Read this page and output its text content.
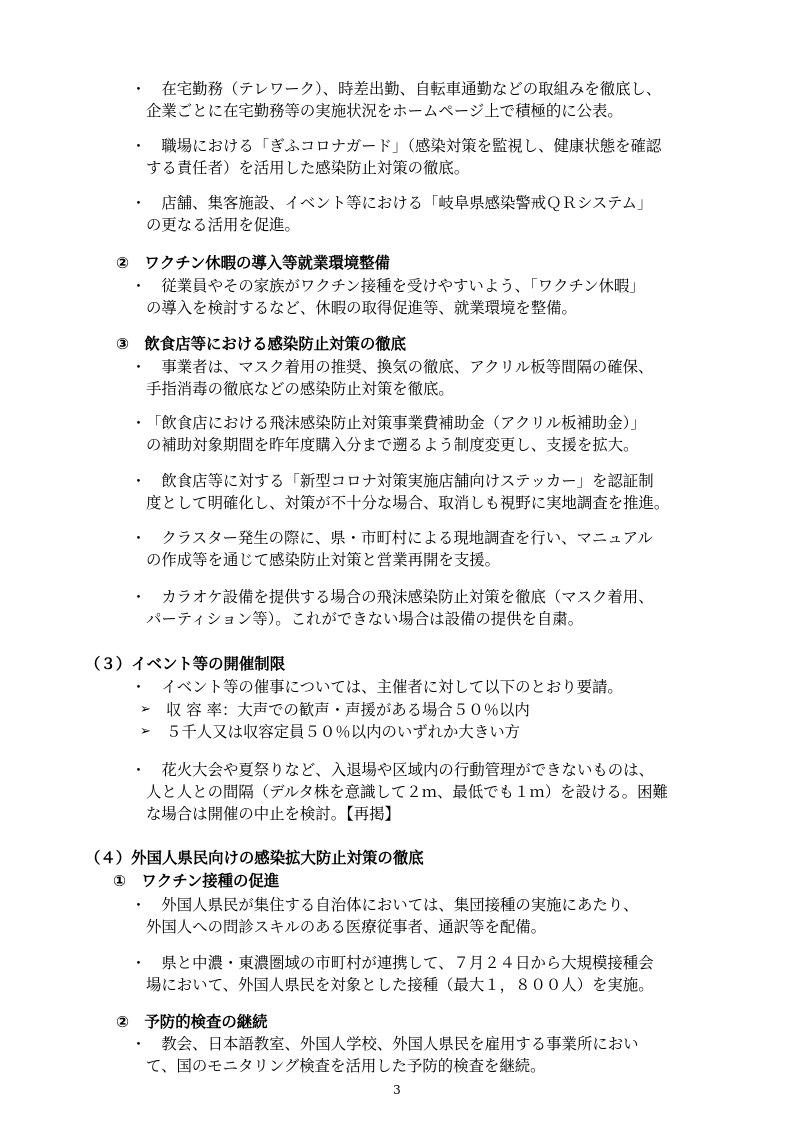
・ 　在宅勤務（テレワーク）、時差出勤、自転車通勤などの取組みを徹底し、
企業ごとに在宅勤務等の実施状況をホームページ上で積極的に公表。
・ 　職場における「ぎふコロナガード」（感染対策を監視し、健康状態を確認
する責任者）を活用した感染防止対策の徹底。
・ 　店舗、集客施設、イベント等における「岐阜県感染警戒ＱＲシステム」
の更なる活用を促進。
②　ワクチン休暇の導入等就業環境整備
・ 　従業員やその家族がワクチン接種を受けやすいよう、「ワクチン休暇」
の導入を検討するなど、休暇の取得促進等、就業環境を整備。
③　飲食店等における感染防止対策の徹底
・ 　事業者は、マスク着用の推奨、換気の徹底、アクリル板等間隔の確保、
手指消毒の徹底などの感染防止対策を徹底。
・ 「飲食店における飛沫感染防止対策事業費補助金（アクリル板補助金）」
の補助対象期間を昨年度購入分まで遡るよう制度変更し、支援を拡大。
・ 　飲食店等に対する「新型コロナ対策実施店舗向けステッカー」を認証制
度として明確化し、対策が不十分な場合、取消しも視野に実地調査を推進。
・ 　クラスター発生の際に、県・市町村による現地調査を行い、マニュアル
の作成等を通じて感染防止対策と営業再開を支援。
・ 　カラオケ設備を提供する場合の飛沫感染防止対策を徹底（マスク着用、
パーティション等）。これができない場合は設備の提供を自粛。
（３）イベント等の開催制限
・ 　イベント等の催事については、主催者に対して以下のとおり要請。
➢ 収 容 率：大声での歓声・声援がある場合５０％以内
➢ ５千人又は収容定員５０％以内のいずれか大きい方
・ 　花火大会や夏祭りなど、入退場や区域内の行動管理ができないものは、
人と人との間隔（デルタ株を意識して２ｍ、最低でも１ｍ）を設ける。困難
な場合は開催の中止を検討。【再掲】
（４）外国人県民向けの感染拡大防止対策の徹底
①　ワクチン接種の促進
・ 　外国人県民が集住する自治体においては、集団接種の実施にあたり、
外国人への問診スキルのある医療従事者、通訳等を配備。
・ 　県と中濃・東濃圏域の市町村が連携して、７月２４日から大規模接種会
場において、外国人県民を対象とした接種（最大１，８００人）を実施。
②　予防的検査の継続
・ 　教会、日本語教室、外国人学校、外国人県民を雇用する事業所におい
て、国のモニタリング検査を活用した予防的検査を継続。
3
